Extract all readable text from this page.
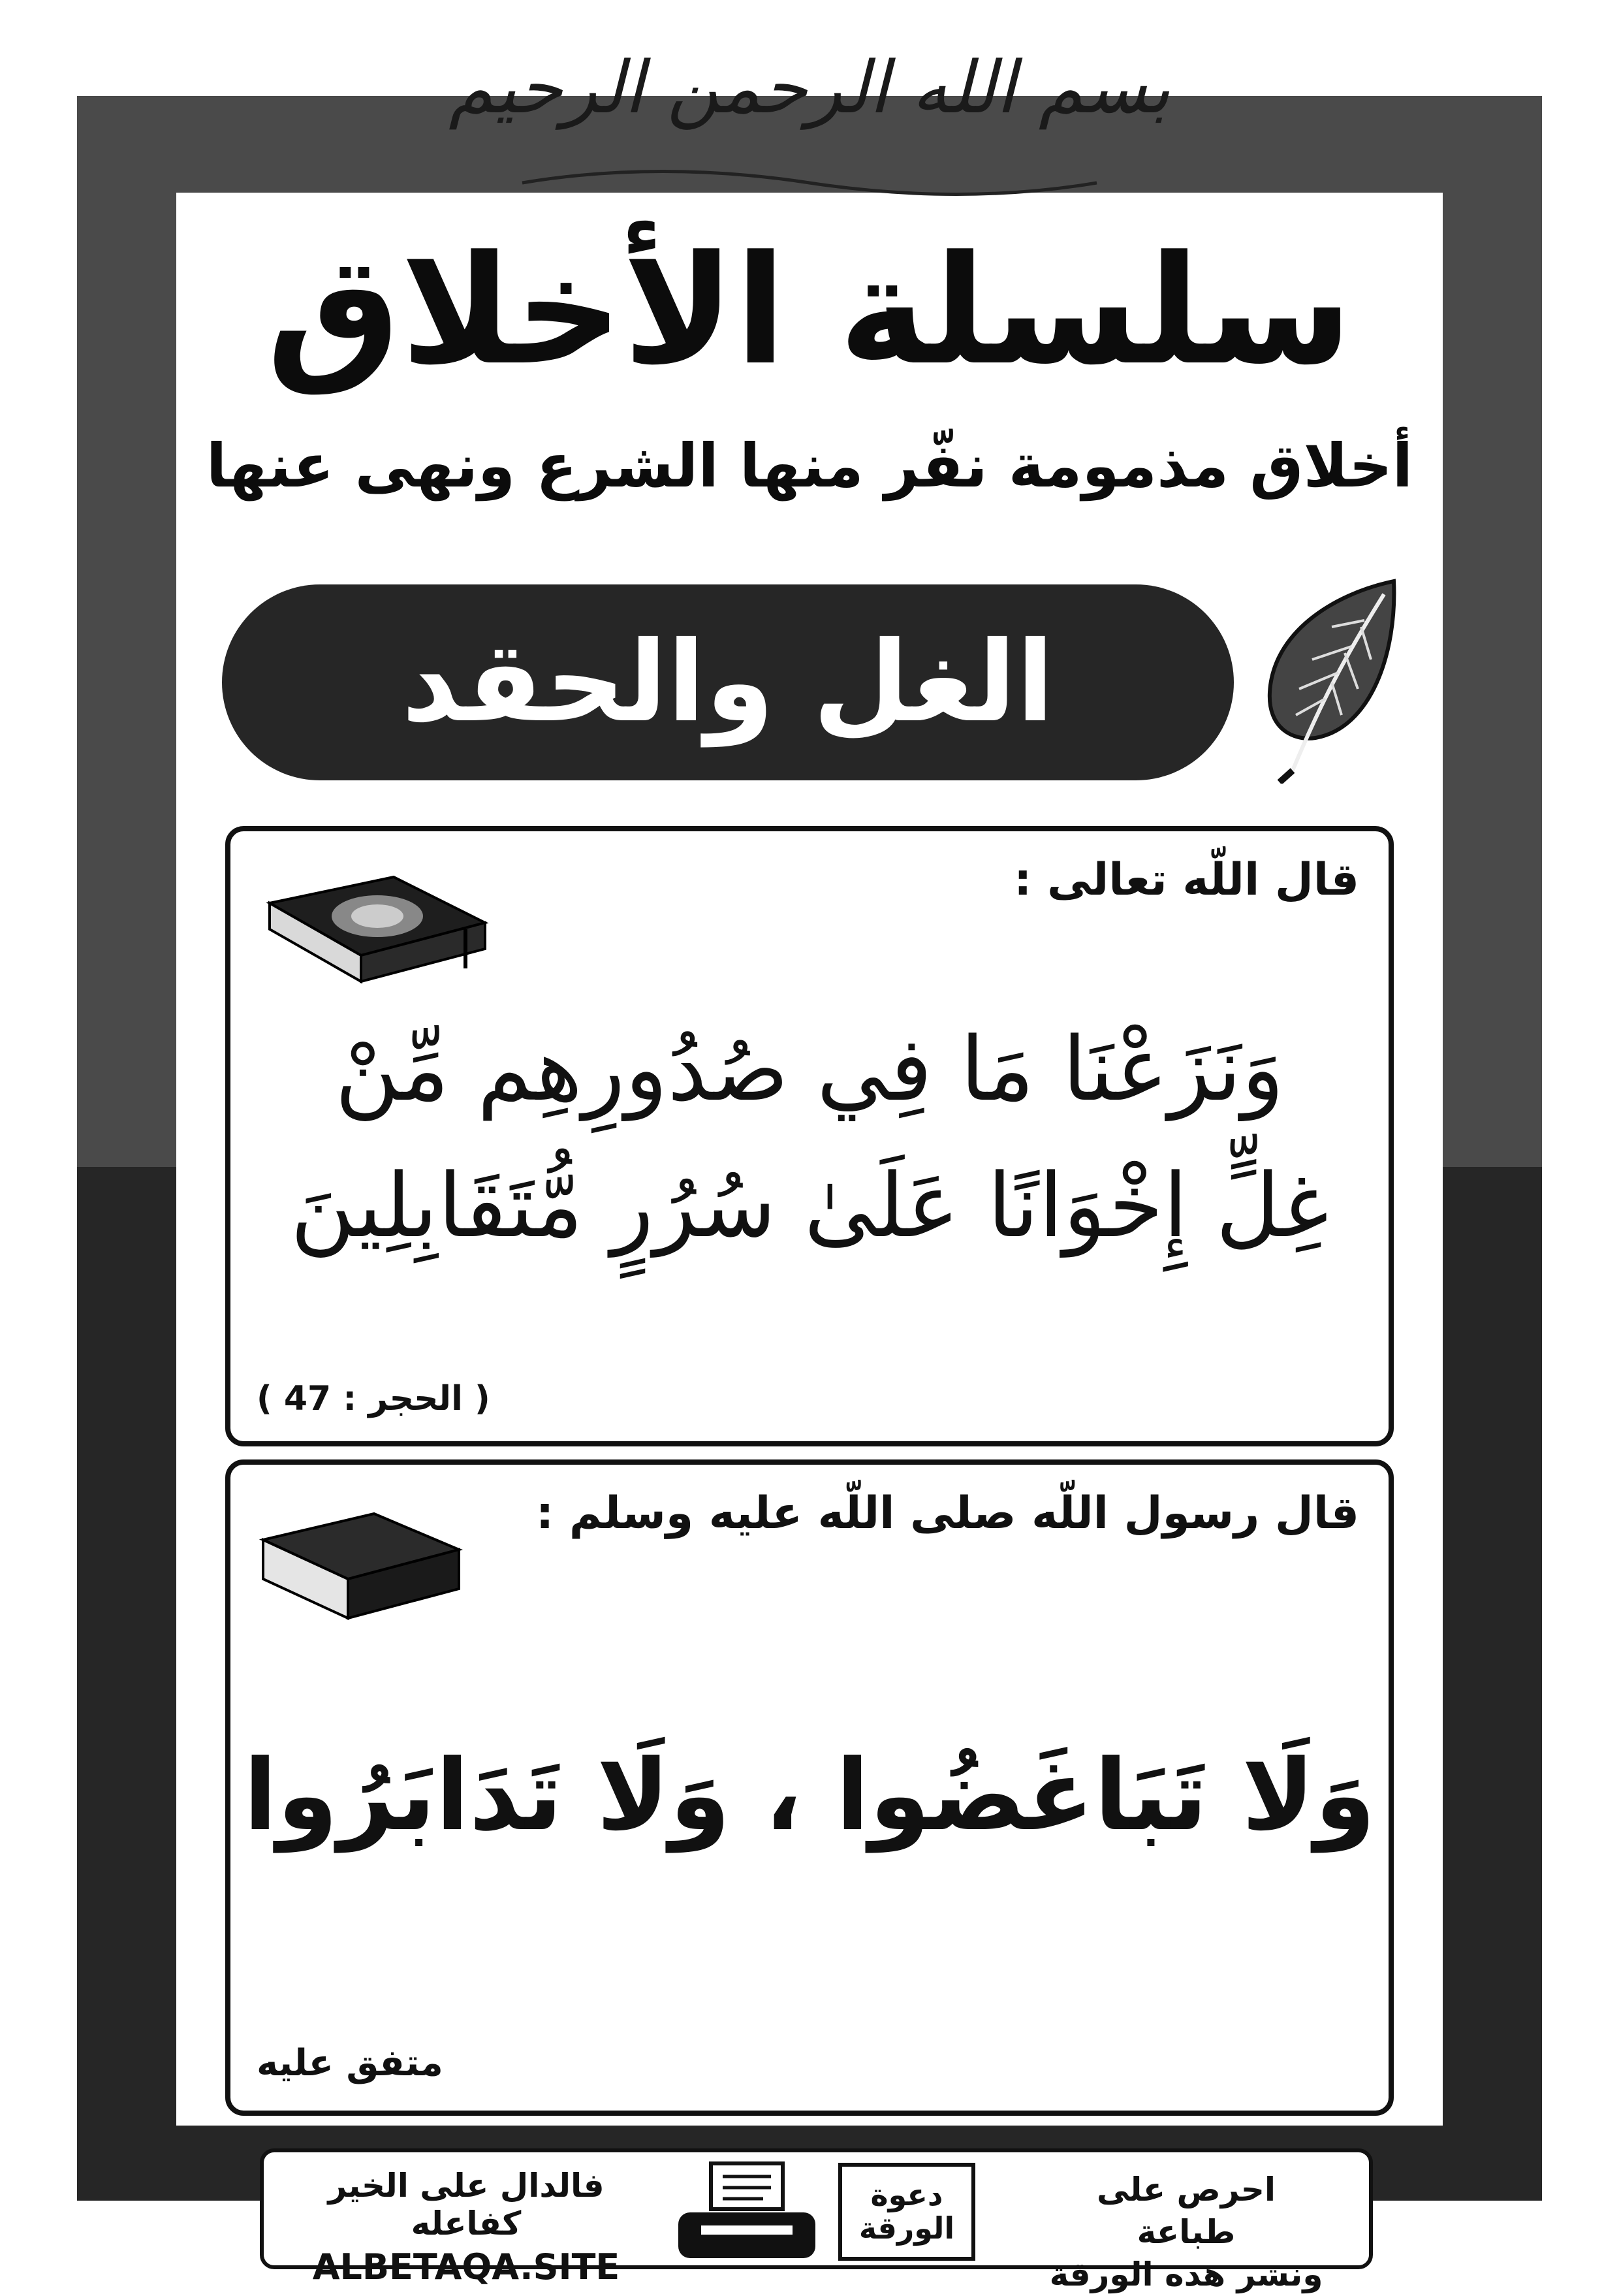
بسم الله الرحمن الرحيم
سلسلة الأخلاق
أخلاق مذمومة نفّر منها الشرع ونهى عنها
الغل والحقد
قال اللّه تعالى :
وَنَزَعْنَا مَا فِي صُدُورِهِم مِّنْ
غِلٍّ إِخْوَانًا عَلَىٰ سُرُرٍ مُّتَقَابِلِينَ
( الحجر : 47 )
قال رسول اللّه صلى اللّه عليه وسلم :
وَلَا تَبَاغَضُوا ، وَلَا تَدَابَرُوا
متفق عليه
فالدال على الخير كفاعله
ALBETAQA.SITE
دعوة
الورقة
احرص على طباعة
ونشر هذه الورقة
